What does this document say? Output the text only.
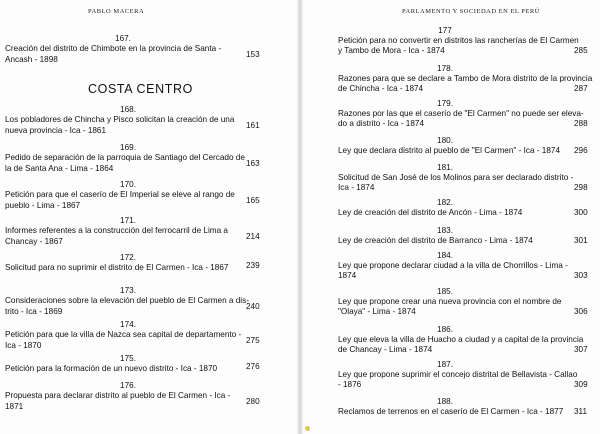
PABLO MACERA
COSTA CENTRO
167.
Creación del distrito de Chimbote en la provincia de Santa -
Ancash - 1898
153
168.
Los pobladores de Chincha y Pisco solicitan la creación de una
nueva provincia - Ica - 1861
161
169.
Pedido de separación de la parroquia de Santiago del Cercado de
la de Santa Ana - Lima - 1864
163
170.
Petición para que el caserío de El Imperial se eleve al rango de
pueblo - Lima - 1867
165
171.
Informes referentes a la construcción del ferrocarril de Lima a
Chancay - 1867
214
172.
Solicitud para no suprimir el distrito de El Carmen - Ica - 1867 239
173.
Consideraciones sobre la elevación del pueblo de El Carmen a dis-
trito - Ica - 1869
240
174.
Petición para que la villa de Nazca sea capital de departamento -
Ica - 1870
275
175.
Petición para la formación de un nuevo distrito - Ica - 1870	276
176.
Propuesta para declarar distrito al pueblo de El Carmen - Ica -
1871
280
PARLAMENTO Y SOCIEDAD EN EL PERÚ
177
Petición para no convertir en distritos las rancherías de El Carmen
y Tambo de Mora - Ica - 1874	285
178.
Razones para que se declare a Tambo de Mora distrito de la provincia
de Chincha - Ica - 1874	287
179.
Razones por las que el caserío de "El Carmen" no puede ser eleva-
do a distrito - Ica - 1874	288
180.
Ley que declara distrito al pueblo de "El Carmen" - Ica - 1874 296
181.
Solicitud de San José de los Molinos para ser declarado distrito -
Ica - 1874	298
182.
Ley de creación del distrito de Ancón - Lima - 1874	300
183.
Ley de creación del distrito de Barranco - Lima - 1874	301
184.
Ley que propone declarar ciudad a la villa de Chorrillos - Lima -
1874	303
185.
Ley que propone crear una nueva provincia con el nombre de
"Olaya" - Lima - 1874	306
186.
Ley que eleva la villa de Huacho a ciudad y a capital de la provincia
de Chancay - Lima - 1874	307
187.
Ley que propone suprimir el concejo distrital de Bellavista - Callao
- 1876	309
188.
Reclamos de terrenos en el caserío de El Carmen - Ica - 1877 311
